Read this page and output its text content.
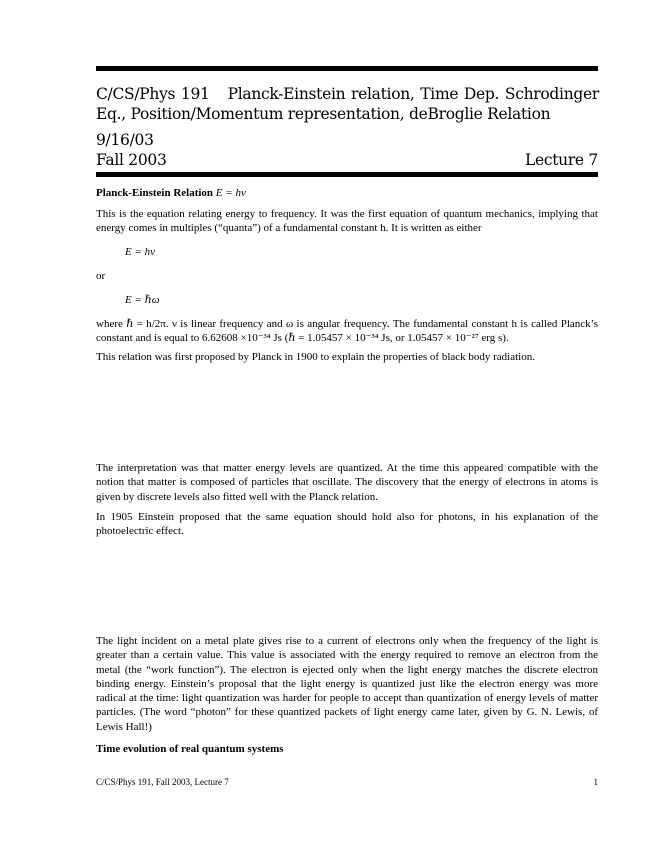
C/CS/Phys 191 Planck-Einstein relation, Time Dep. Schrodinger Eq., Position/Momentum representation, deBroglie Relation
9/16/03
Fall 2003	Lecture 7
Planck-Einstein Relation E = hν

This is the equation relating energy to frequency. It was the first equation of quantum mechanics, implying that energy comes in multiples (“quanta”) of a fundamental constant h. It is written as either

E = hν
or
E = ℏω

where ℏ = h/2π. ν is linear frequency and ω is angular frequency. The fundamental constant h is called Planck’s constant and is equal to 6.62608 ×10⁻³⁴ Js (ℏ = 1.05457 × 10⁻³⁴ Js, or 1.05457 × 10⁻²⁷ erg s).

This relation was first proposed by Planck in 1900 to explain the properties of black body radiation.

The interpretation was that matter energy levels are quantized. At the time this appeared compatible with the notion that matter is composed of particles that oscillate. The discovery that the energy of electrons in atoms is given by discrete levels also fitted well with the Planck relation.

In 1905 Einstein proposed that the same equation should hold also for photons, in his explanation of the photoelectric effect.

The light incident on a metal plate gives rise to a current of electrons only when the frequency of the light is greater than a certain value. This value is associated with the energy required to remove an electron from the metal (the “work function”). The electron is ejected only when the light energy matches the discrete electron binding energy. Einstein’s proposal that the light energy is quantized just like the electron energy was more radical at the time: light quantization was harder for people to accept than quantization of energy levels of matter particles. (The word “photon” for these quantized packets of light energy came later, given by G. N. Lewis, of Lewis Hall!)

Time evolution of real quantum systems
C/CS/Phys 191, Fall 2003, Lecture 7	1
